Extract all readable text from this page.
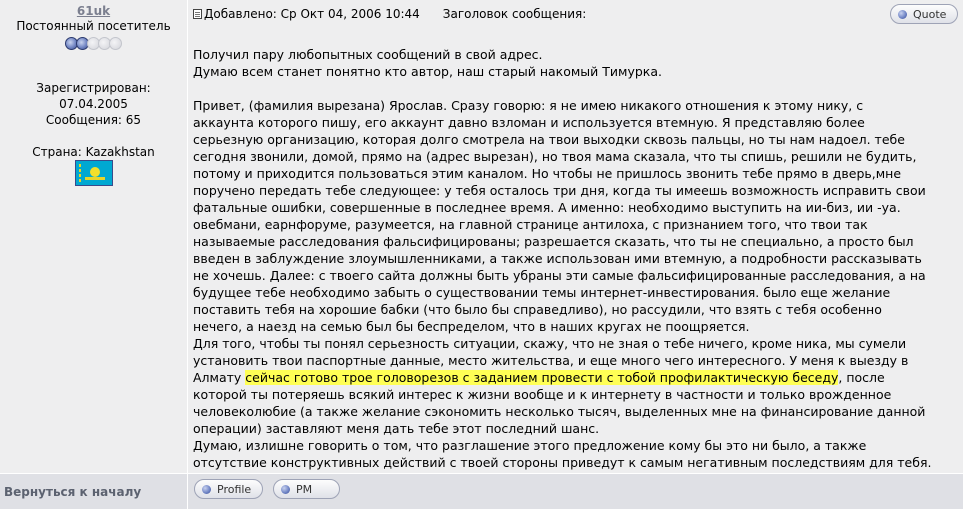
61uk
Постоянный посетитель
Зарегистрирован:
07.04.2005
Сообщения: 65
Страна: Kazakhstan
Добавлено: Ср Окт 04, 2006 10:44 Заголовок сообщения:	Quote

Получил пару любопытных сообщений в свой адрес.

Думаю всем станет понятно кто автор, наш старый накомый Тимурка.

Привет, (фамилия вырезана) Ярослав. Сразу говорю: я не имею никакого отношения к этому нику, с

аккаунта которого пишу, его аккаунт давно взломан и используется втемную. Я представляю более

серьезную организацию, которая долго смотрела на твои выходки сквозь пальцы, но ты нам надоел. тебе

сегодня звонили, домой, прямо на (адрес вырезан), но твоя мама сказала, что ты спишь, решили не будить,

потому и приходится пользоваться этим каналом. Но чтобы не пришлось звонить тебе прямо в дверь,мне

поручено передать тебе следующее: у тебя осталось три дня, когда ты имеешь возможность исправить свои

фатальные ошибки, совершенные в последнее время. А именно: необходимо выступить на ии-биз, ии -уа.

овебмани, еарнфоруме, разумеется, на главной странице антилоха, с признанием того, что твои так

называемые расследования фальсифицированы; разрешается сказать, что ты не специально, а просто был

введен в заблуждение злоумышленниками, а также использован ими втемную, а подробности рассказывать

не хочешь. Далее: с твоего сайта должны быть убраны эти самые фальсифицированные расследования, а на

будущее тебе необходимо забыть о существовании темы интернет-инвестирования. было еще желание

поставить тебя на хорошие бабки (что было бы справедливо), но рассудили, что взять с тебя особенно

нечего, а наезд на семью был бы беспределом, что в наших кругах не поощряется.

Для того, чтобы ты понял серьезность ситуации, скажу, что не зная о тебе ничего, кроме ника, мы сумели

установить твои паспортные данные, место жительства, и еще много чего интересного. У меня к выезду в

Алмату сейчас готово трое головорезов с заданием провести с тобой профилактическую беседу, после

которой ты потеряешь всякий интерес к жизни вообще и к интернету в частности и только врожденное

человеколюбие (а также желание сэкономить несколько тысяч, выделенных мне на финансирование данной

операции) заставляют меня дать тебе этот последний шанс.

Думаю, излишне говорить о том, что разглашение этого предложение кому бы это ни было, а также

отсутствие конструктивных действий с твоей стороны приведут к самым негативным последствиям для тебя.

Вернуться к началу	Profile	PM
